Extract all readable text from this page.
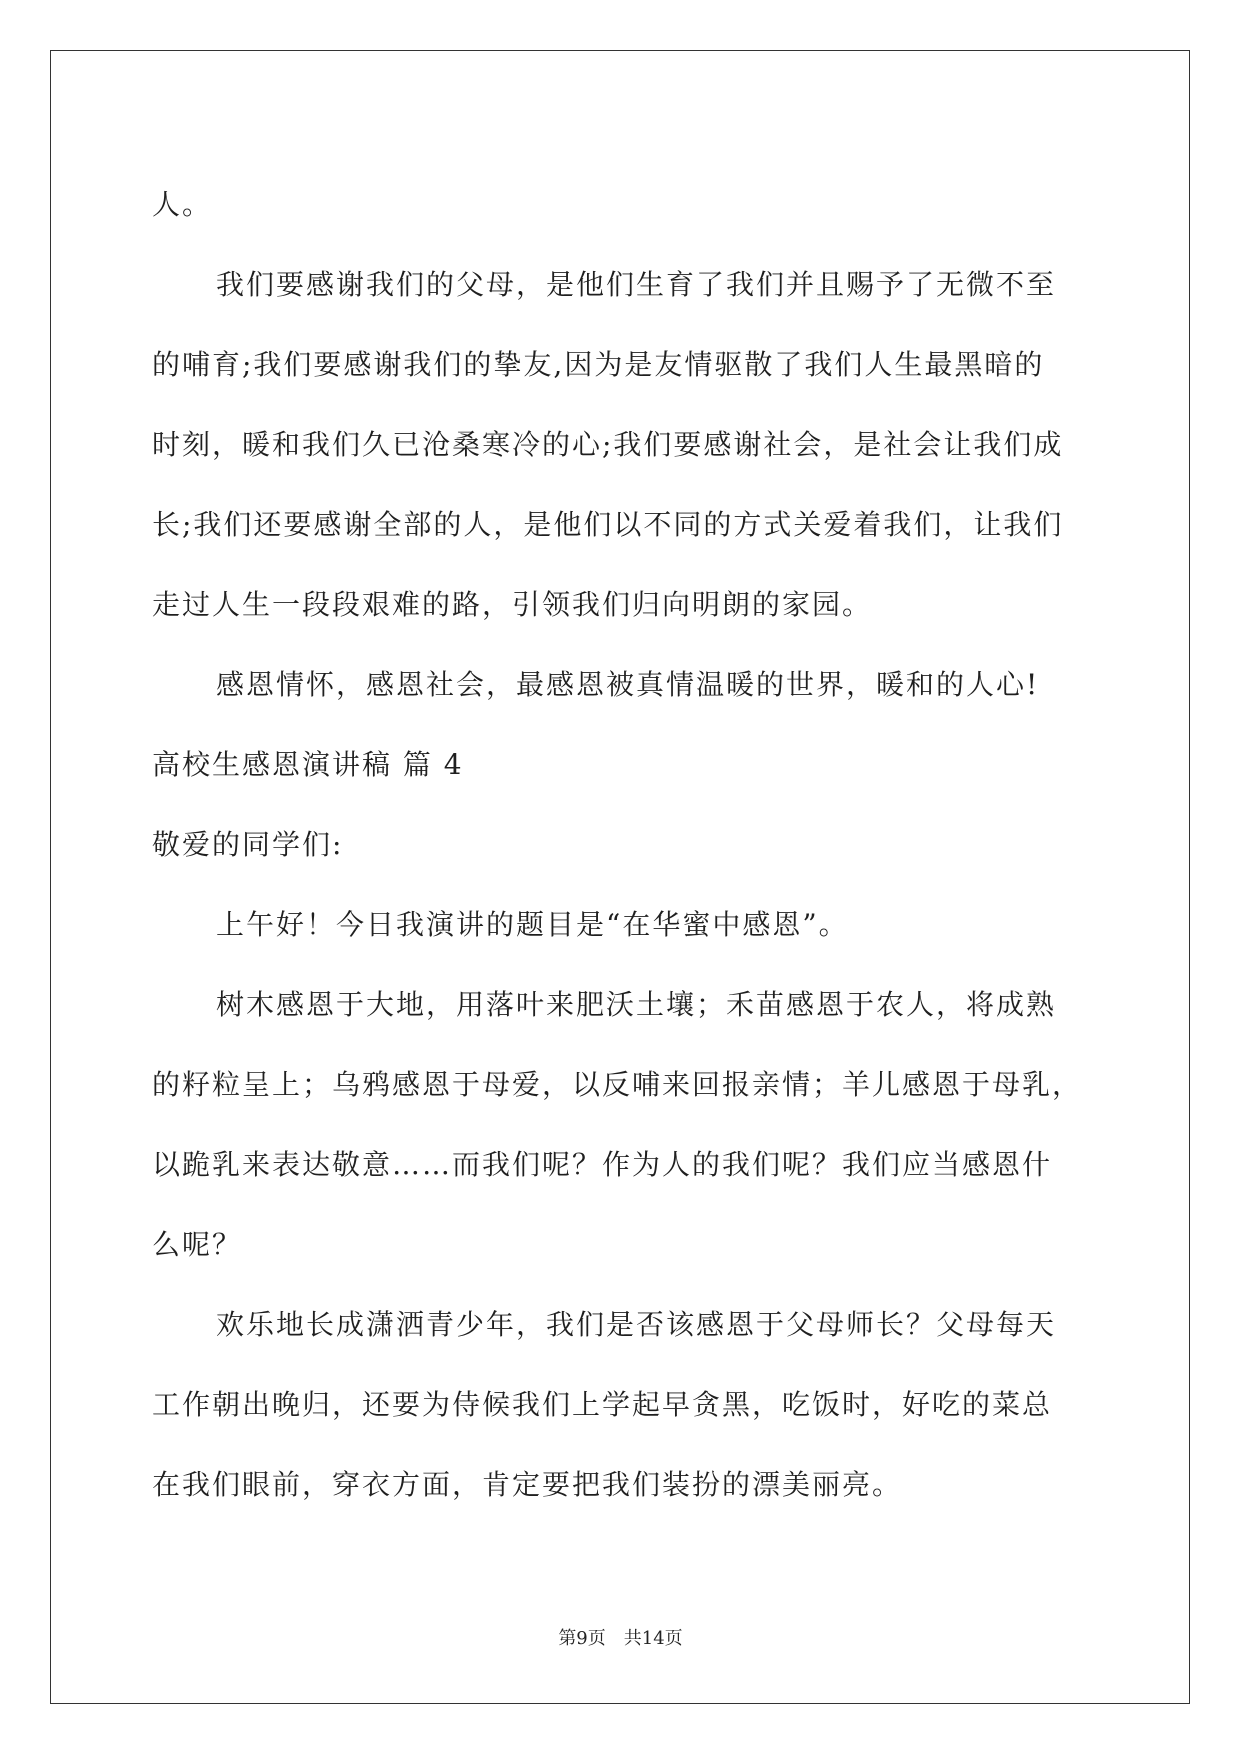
人。
我们要感谢我们的父母，是他们生育了我们并且赐予了无微不至
的哺育;我们要感谢我们的挚友,因为是友情驱散了我们人生最黑暗的
时刻，暖和我们久已沧桑寒冷的心;我们要感谢社会，是社会让我们成
长;我们还要感谢全部的人，是他们以不同的方式关爱着我们，让我们
走过人生一段段艰难的路，引领我们归向明朗的家园。
感恩情怀，感恩社会，最感恩被真情温暖的世界，暖和的人心!
高校生感恩演讲稿 篇 4
敬爱的同学们:
上午好！今日我演讲的题目是“在华蜜中感恩”。
树木感恩于大地，用落叶来肥沃土壤；禾苗感恩于农人，将成熟
的籽粒呈上；乌鸦感恩于母爱，以反哺来回报亲情；羊儿感恩于母乳，
以跪乳来表达敬意……而我们呢？作为人的我们呢？我们应当感恩什
么呢？
欢乐地长成潇洒青少年，我们是否该感恩于父母师长？父母每天
工作朝出晚归，还要为侍候我们上学起早贪黑，吃饭时，好吃的菜总
在我们眼前，穿衣方面，肯定要把我们装扮的漂美丽亮。
第9页 共14页
